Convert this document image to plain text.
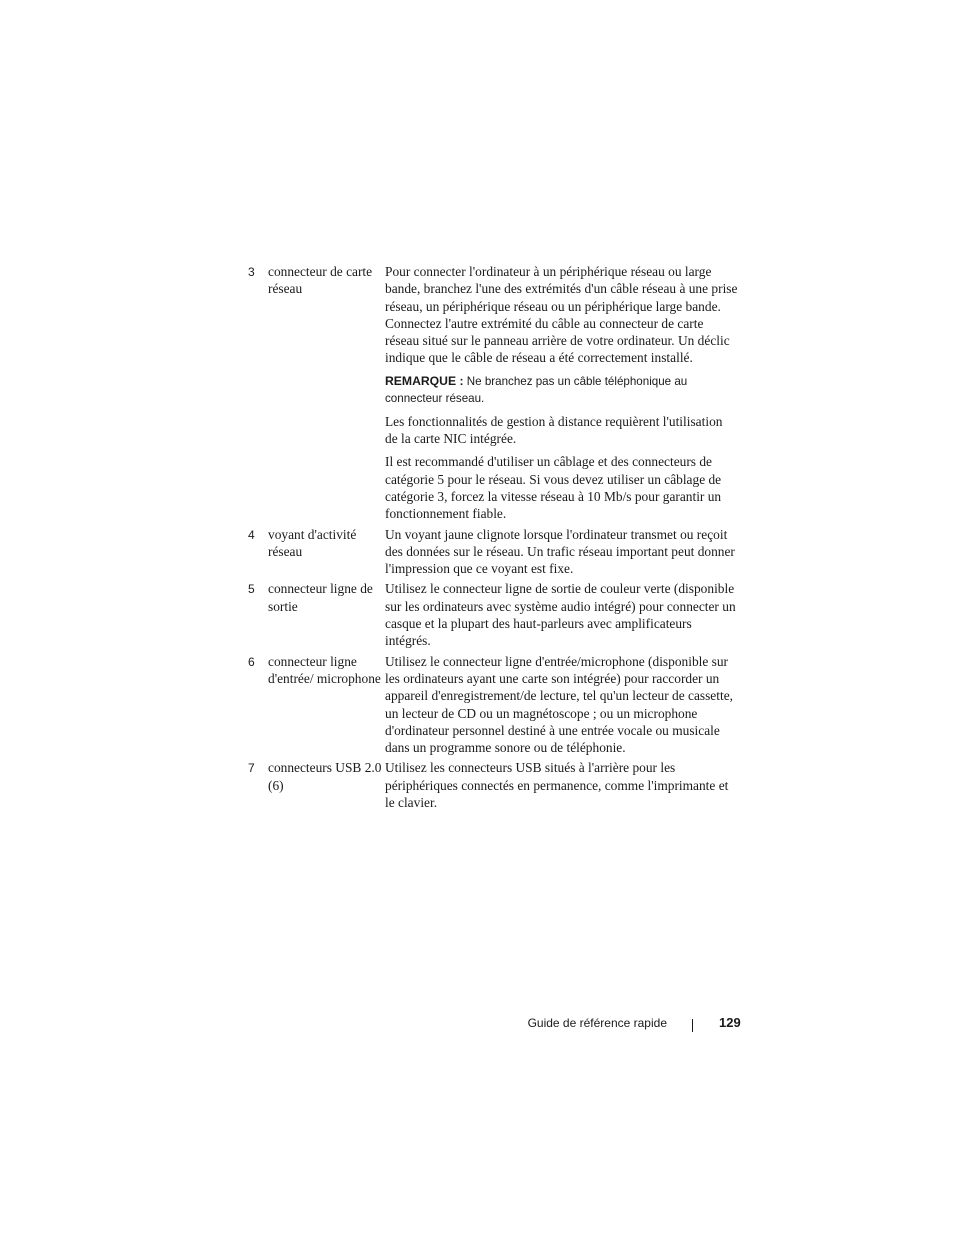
3 connecteur de carte réseau

Pour connecter l'ordinateur à un périphérique réseau ou large bande, branchez l'une des extrémités d'un câble réseau à une prise réseau, un périphérique réseau ou un périphérique large bande. Connectez l'autre extrémité du câble au connecteur de carte réseau situé sur le panneau arrière de votre ordinateur. Un déclic indique que le câble de réseau a été correctement installé.

REMARQUE : Ne branchez pas un câble téléphonique au connecteur réseau.

Les fonctionnalités de gestion à distance requièrent l'utilisation de la carte NIC intégrée.

Il est recommandé d'utiliser un câblage et des connecteurs de catégorie 5 pour le réseau. Si vous devez utiliser un câblage de catégorie 3, forcez la vitesse réseau à 10 Mb/s pour garantir un fonctionnement fiable.

4 voyant d'activité réseau

Un voyant jaune clignote lorsque l'ordinateur transmet ou reçoit des données sur le réseau. Un trafic réseau important peut donner l'impression que ce voyant est fixe.

5 connecteur ligne de sortie

Utilisez le connecteur ligne de sortie de couleur verte (disponible sur les ordinateurs avec système audio intégré) pour connecter un casque et la plupart des haut-parleurs avec amplificateurs intégrés.

6 connecteur ligne d'entrée/ microphone

Utilisez le connecteur ligne d'entrée/microphone (disponible sur les ordinateurs ayant une carte son intégrée) pour raccorder un appareil d'enregistrement/de lecture, tel qu'un lecteur de cassette, un lecteur de CD ou un magnétoscope ; ou un microphone d'ordinateur personnel destiné à une entrée vocale ou musicale dans un programme sonore ou de téléphonie.

7 connecteurs USB 2.0 (6)

Utilisez les connecteurs USB situés à l'arrière pour les périphériques connectés en permanence, comme l'imprimante et le clavier.

Guide de référence rapide	129
